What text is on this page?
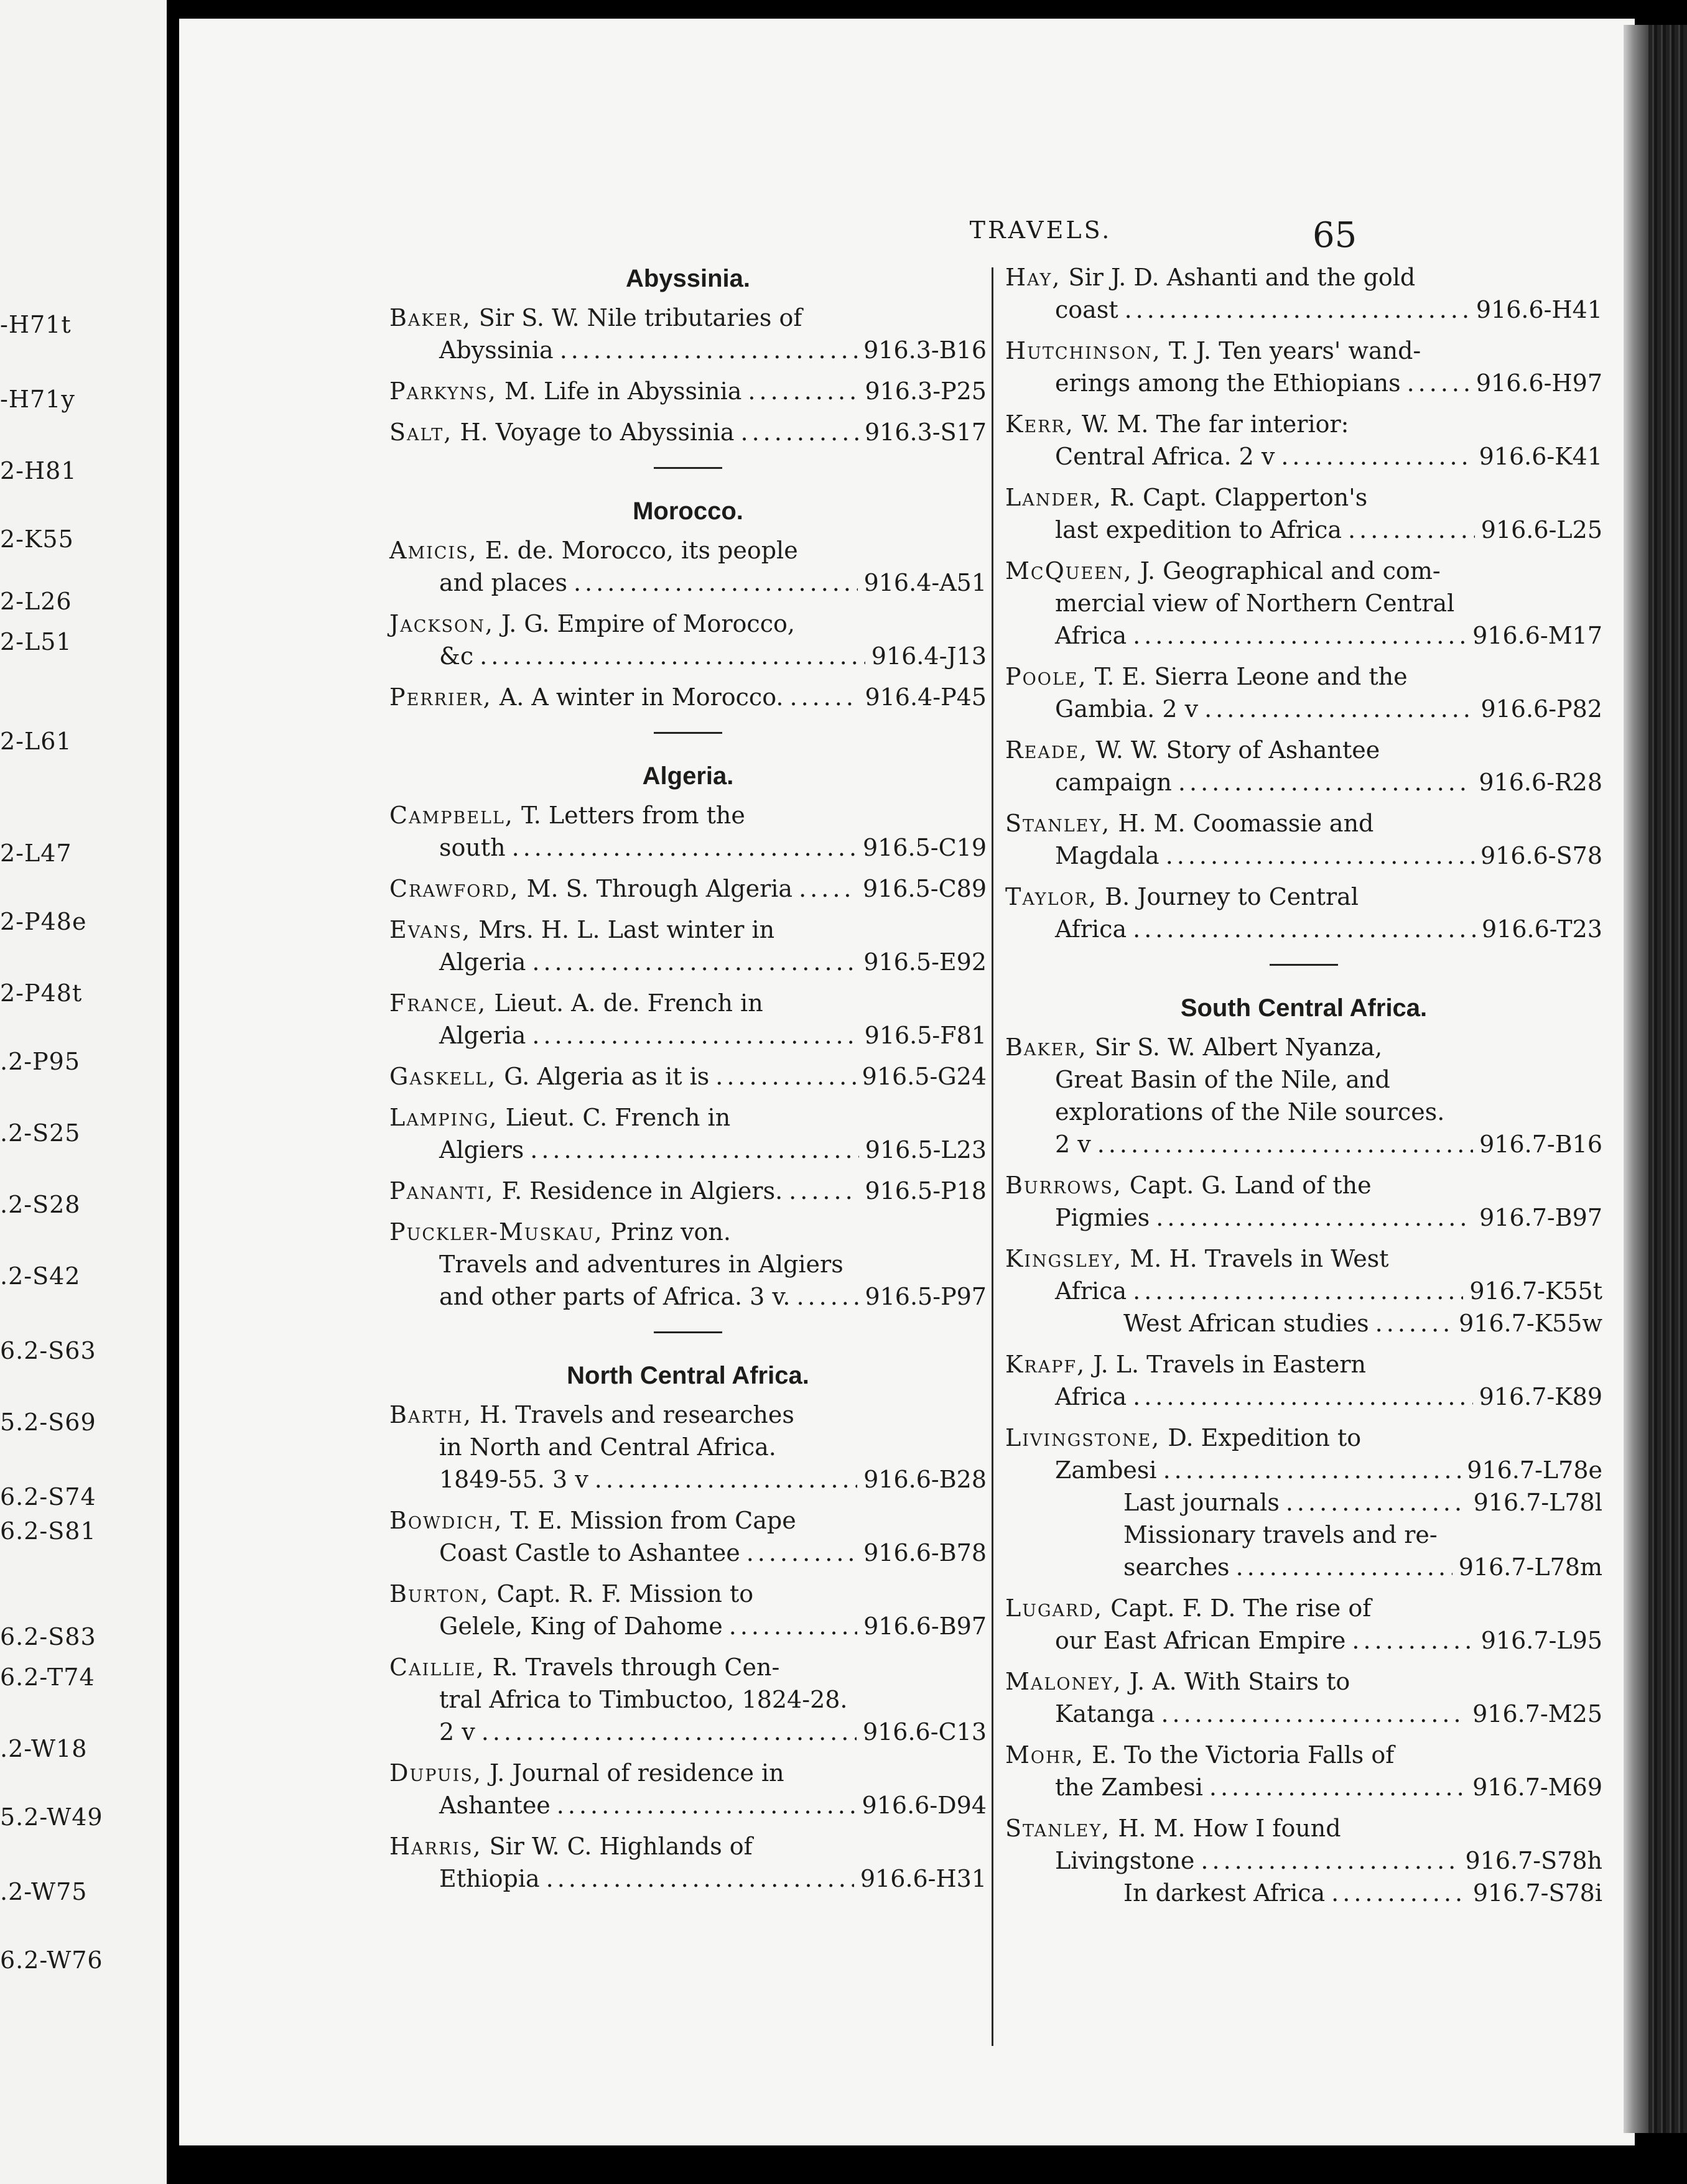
-H71t
-H71y
2-H81
2-K55
2-L26
2-L51
2-L61
2-L47
2-P48e
2-P48t
.2-P95
.2-S25
.2-S28
.2-S42
6.2-S63
5.2-S69
6.2-S74
6.2-S81
6.2-S83
6.2-T74
.2-W18
5.2-W49
.2-W75
6.2-W76
TRAVELS.	65
Abyssinia.
Baker, Sir S. W. Nile tributaries of
Abyssinia .....	916.3-B16
Parkyns, M. Life in Abyssinia .....	916.3-P25
Salt, H. Voyage to Abyssinia .....	916.3-S17
Morocco.
Amicis, E. de. Morocco, its people
and places .....	916.4-A51
Jackson, J. G. Empire of Morocco,
&c .....	916.4-J13
Perrier, A. A winter in Morocco. .....	916.4-P45
Algeria.
Campbell, T. Letters from the
south .....	916.5-C19
Crawford, M. S. Through Algeria .....	916.5-C89
Evans, Mrs. H. L. Last winter in
Algeria .....	916.5-E92
France, Lieut. A. de. French in
Algeria .....	916.5-F81
Gaskell, G. Algeria as it is .....	916.5-G24
Lamping, Lieut. C. French in
Algiers .....	916.5-L23
Pananti, F. Residence in Algiers. .....	916.5-P18
Puckler-Muskau, Prinz von.
Travels and adventures in Algiers
and other parts of Africa. 3 v. .....	916.5-P97
North Central Africa.
Barth, H. Travels and researches
in North and Central Africa.
1849-55. 3 v .....	916.6-B28
Bowdich, T. E. Mission from Cape
Coast Castle to Ashantee .....	916.6-B78
Burton, Capt. R. F. Mission to
Gelele, King of Dahome .....	916.6-B97
Caillie, R. Travels through Cen-
tral Africa to Timbuctoo, 1824-28.
2 v .....	916.6-C13
Dupuis, J. Journal of residence in
Ashantee .....	916.6-D94
Harris, Sir W. C. Highlands of
Ethiopia .....	916.6-H31
Hay, Sir J. D. Ashanti and the gold
coast .....	916.6-H41
Hutchinson, T. J. Ten years' wand-
erings among the Ethiopians .....	916.6-H97
Kerr, W. M. The far interior:
Central Africa. 2 v .....	916.6-K41
Lander, R. Capt. Clapperton's
last expedition to Africa .....	916.6-L25
McQueen, J. Geographical and com-
mercial view of Northern Central
Africa .....	916.6-M17
Poole, T. E. Sierra Leone and the
Gambia. 2 v .....	916.6-P82
Reade, W. W. Story of Ashantee
campaign .....	916.6-R28
Stanley, H. M. Coomassie and
Magdala .....	916.6-S78
Taylor, B. Journey to Central
Africa .....	916.6-T23
South Central Africa.
Baker, Sir S. W. Albert Nyanza,
Great Basin of the Nile, and
explorations of the Nile sources.
2 v .....	916.7-B16
Burrows, Capt. G. Land of the
Pigmies .....	916.7-B97
Kingsley, M. H. Travels in West
Africa .....	916.7-K55t
West African studies .....	916.7-K55w
Krapf, J. L. Travels in Eastern
Africa .....	916.7-K89
Livingstone, D. Expedition to
Zambesi .....	916.7-L78e
Last journals .....	916.7-L78l
Missionary travels and re-
searches .....	916.7-L78m
Lugard, Capt. F. D. The rise of
our East African Empire .....	916.7-L95
Maloney, J. A. With Stairs to
Katanga .....	916.7-M25
Mohr, E. To the Victoria Falls of
the Zambesi .....	916.7-M69
Stanley, H. M. How I found
Livingstone .....	916.7-S78h
In darkest Africa .....	916.7-S78i
